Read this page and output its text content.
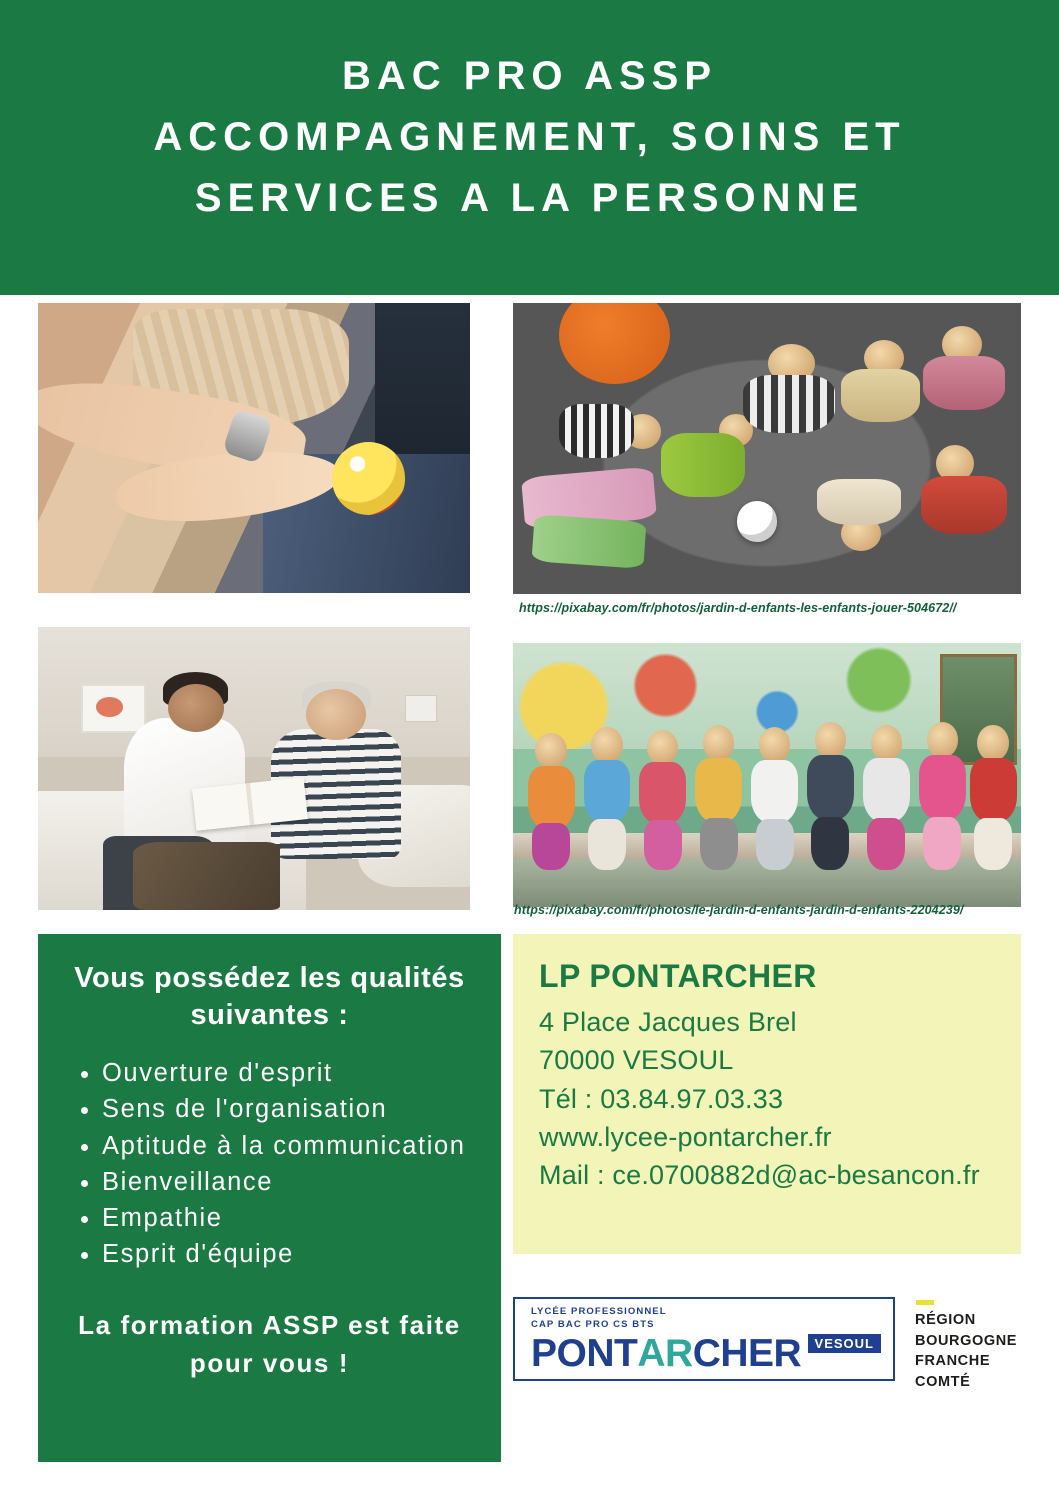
BAC PRO ASSP
ACCOMPAGNEMENT, SOINS ET
SERVICES A LA PERSONNE
https://pixabay.com/fr/photos/jardin-d-enfants-les-enfants-jouer-504672//
https://pixabay.com/fr/photos/le-jardin-d-enfants-jardin-d-enfants-2204239/
Vous possédez les qualités suivantes :
• Ouverture d'esprit
• Sens de l'organisation
• Aptitude à la communication
• Bienveillance
• Empathie
• Esprit d'équipe
La formation ASSP est faite pour vous !
LP PONTARCHER
4 Place Jacques Brel
70000 VESOUL
Tél : 03.84.97.03.33
www.lycee-pontarcher.fr
Mail : ce.0700882d@ac-besancon.fr
LYCÉE PROFESSIONNEL
CAP BAC PRO CS BTS
PONT AR CHER	VESOUL
RÉGION
BOURGOGNE
FRANCHE
COMTÉ
